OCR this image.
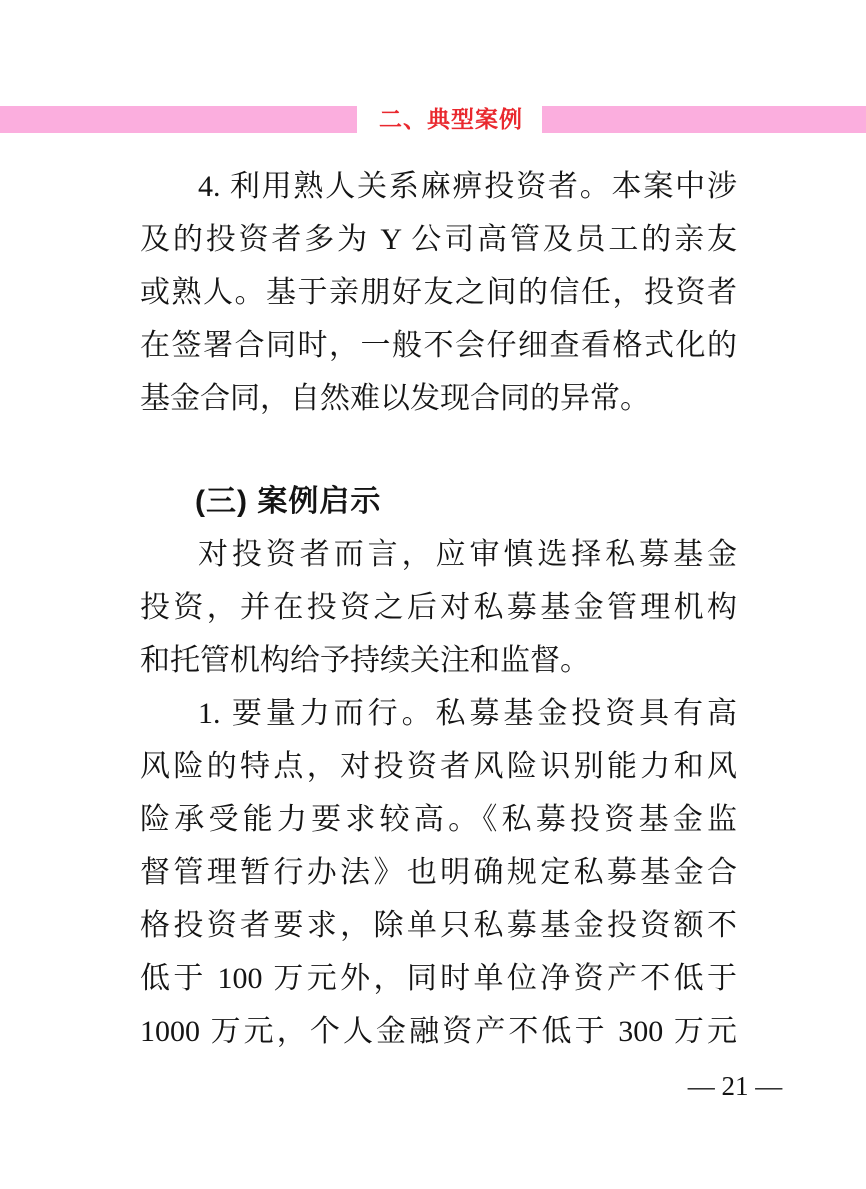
二、典型案例
4. 利用熟人关系麻痹投资者。本案中涉
及的投资者多为 Y 公司高管及员工的亲友
或熟人。基于亲朋好友之间的信任，投资者
在签署合同时，一般不会仔细查看格式化的
基金合同，自然难以发现合同的异常。
(三) 案例启示
对投资者而言，应审慎选择私募基金
投资，并在投资之后对私募基金管理机构
和托管机构给予持续关注和监督。
1. 要量力而行。私募基金投资具有高
风险的特点，对投资者风险识别能力和风
险承受能力要求较高。《私募投资基金监
督管理暂行办法》也明确规定私募基金合
格投资者要求，除单只私募基金投资额不
低于 100 万元外，同时单位净资产不低于
1000 万元，个人金融资产不低于 300 万元
— 21 —
